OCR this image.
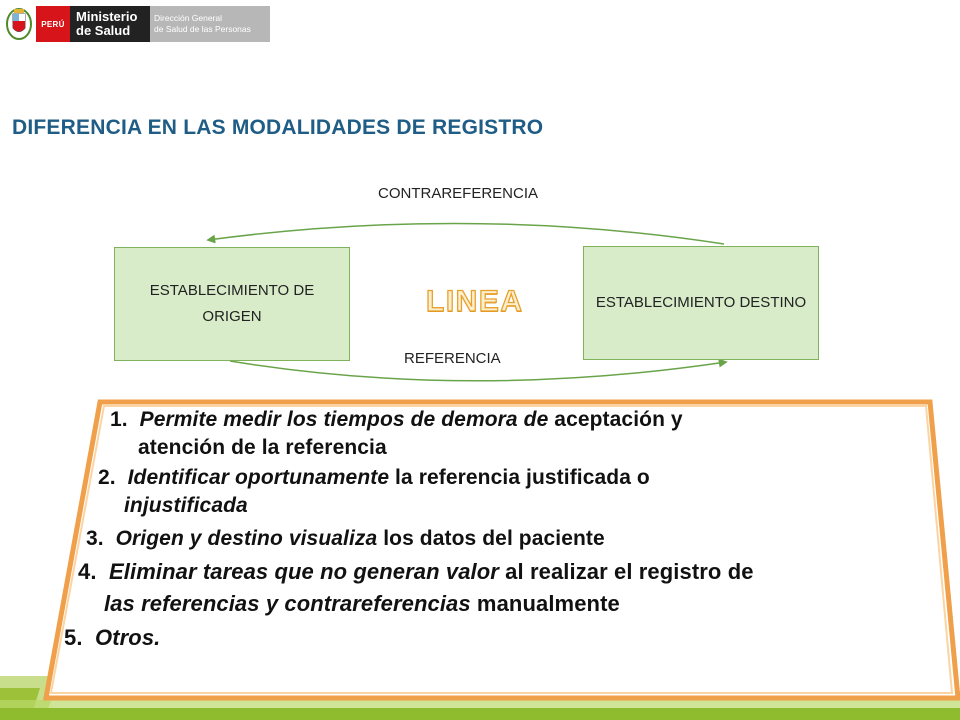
PERÚ Ministerio
de Salud
Dirección General
de Salud de las Personas
DIFERENCIA EN LAS MODALIDADES DE REGISTRO
CONTRAREFERENCIA
ESTABLECIMIENTO DE ORIGEN
ESTABLECIMIENTO DESTINO
LINEA
REFERENCIA
1. Permite medir los tiempos de demora de aceptación y
atención de la referencia
2. Identificar oportunamente la referencia justificada o
injustificada
3. Origen y destino visualiza los datos del paciente
4. Eliminar tareas que no generan valor al realizar el registro de
las referencias y contrareferencias manualmente
5. Otros.
